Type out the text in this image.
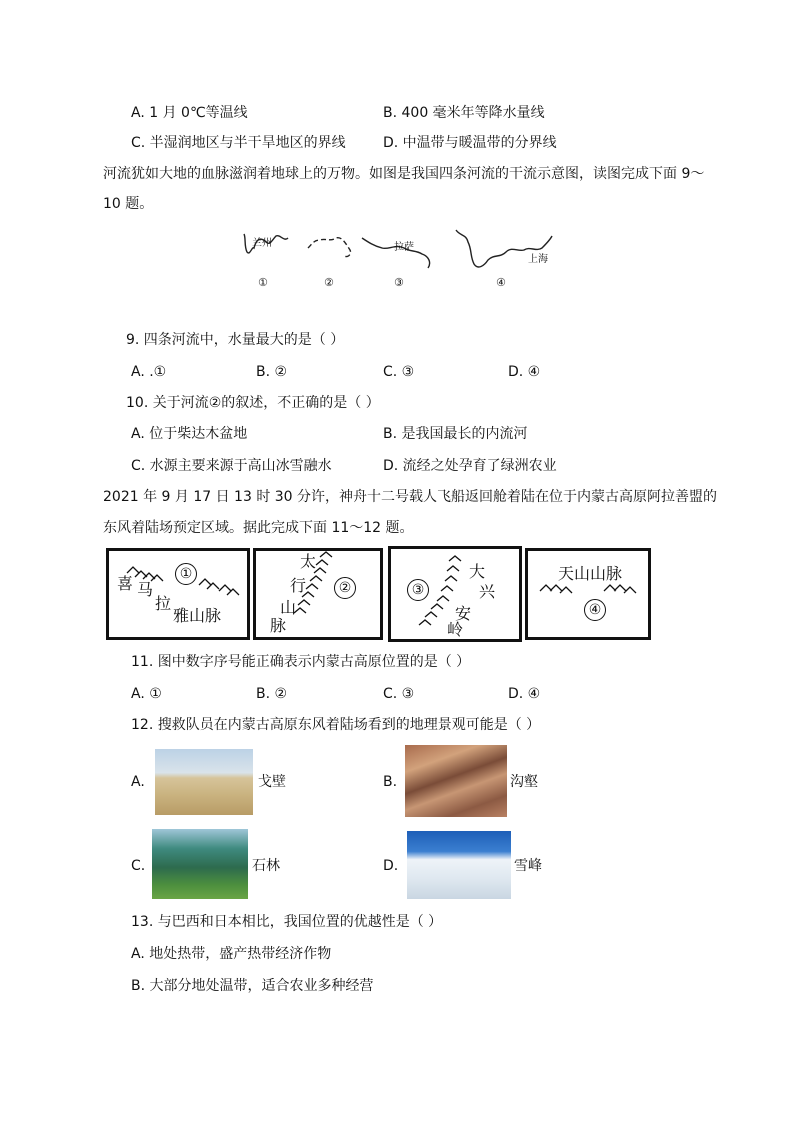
A. 1 月 0℃等温线	B. 400 毫米年等降水量线
C. 半湿润地区与半干旱地区的界线	D. 中温带与暖温带的分界线
河流犹如大地的血脉滋润着地球上的万物。如图是我国四条河流的干流示意图，读图完成下面 9～
10 题。
兰州	拉萨
上海
①	②	③	④
9. 四条河流中，水量最大的是（ ）
A. .①	B. ②	C. ③	D. ④
10. 关于河流②的叙述，不正确的是（ ）
A. 位于柴达木盆地	B. 是我国最长的内流河
C. 水源主要来源于高山冰雪融水	D. 流经之处孕育了绿洲农业
2021 年 9 月 17 日 13 时 30 分许，神舟十二号载人飞船返回舱着陆在位于内蒙古高原阿拉善盟的
东风着陆场预定区域。据此完成下面 11～12 题。
喜 马
拉
雅山脉
①
太
行
山
脉
②
大
兴
安
岭
③
天山山脉
④
11. 图中数字序号能正确表示内蒙古高原位置的是（ ）
A. ①	B. ②	C. ③	D. ④
12. 搜救队员在内蒙古高原东风着陆场看到的地理景观可能是（ ）
A.	戈壁	B.	沟壑
C.	石林	D.	雪峰
13. 与巴西和日本相比，我国位置的优越性是（ ）
A. 地处热带，盛产热带经济作物
B. 大部分地处温带，适合农业多种经营
